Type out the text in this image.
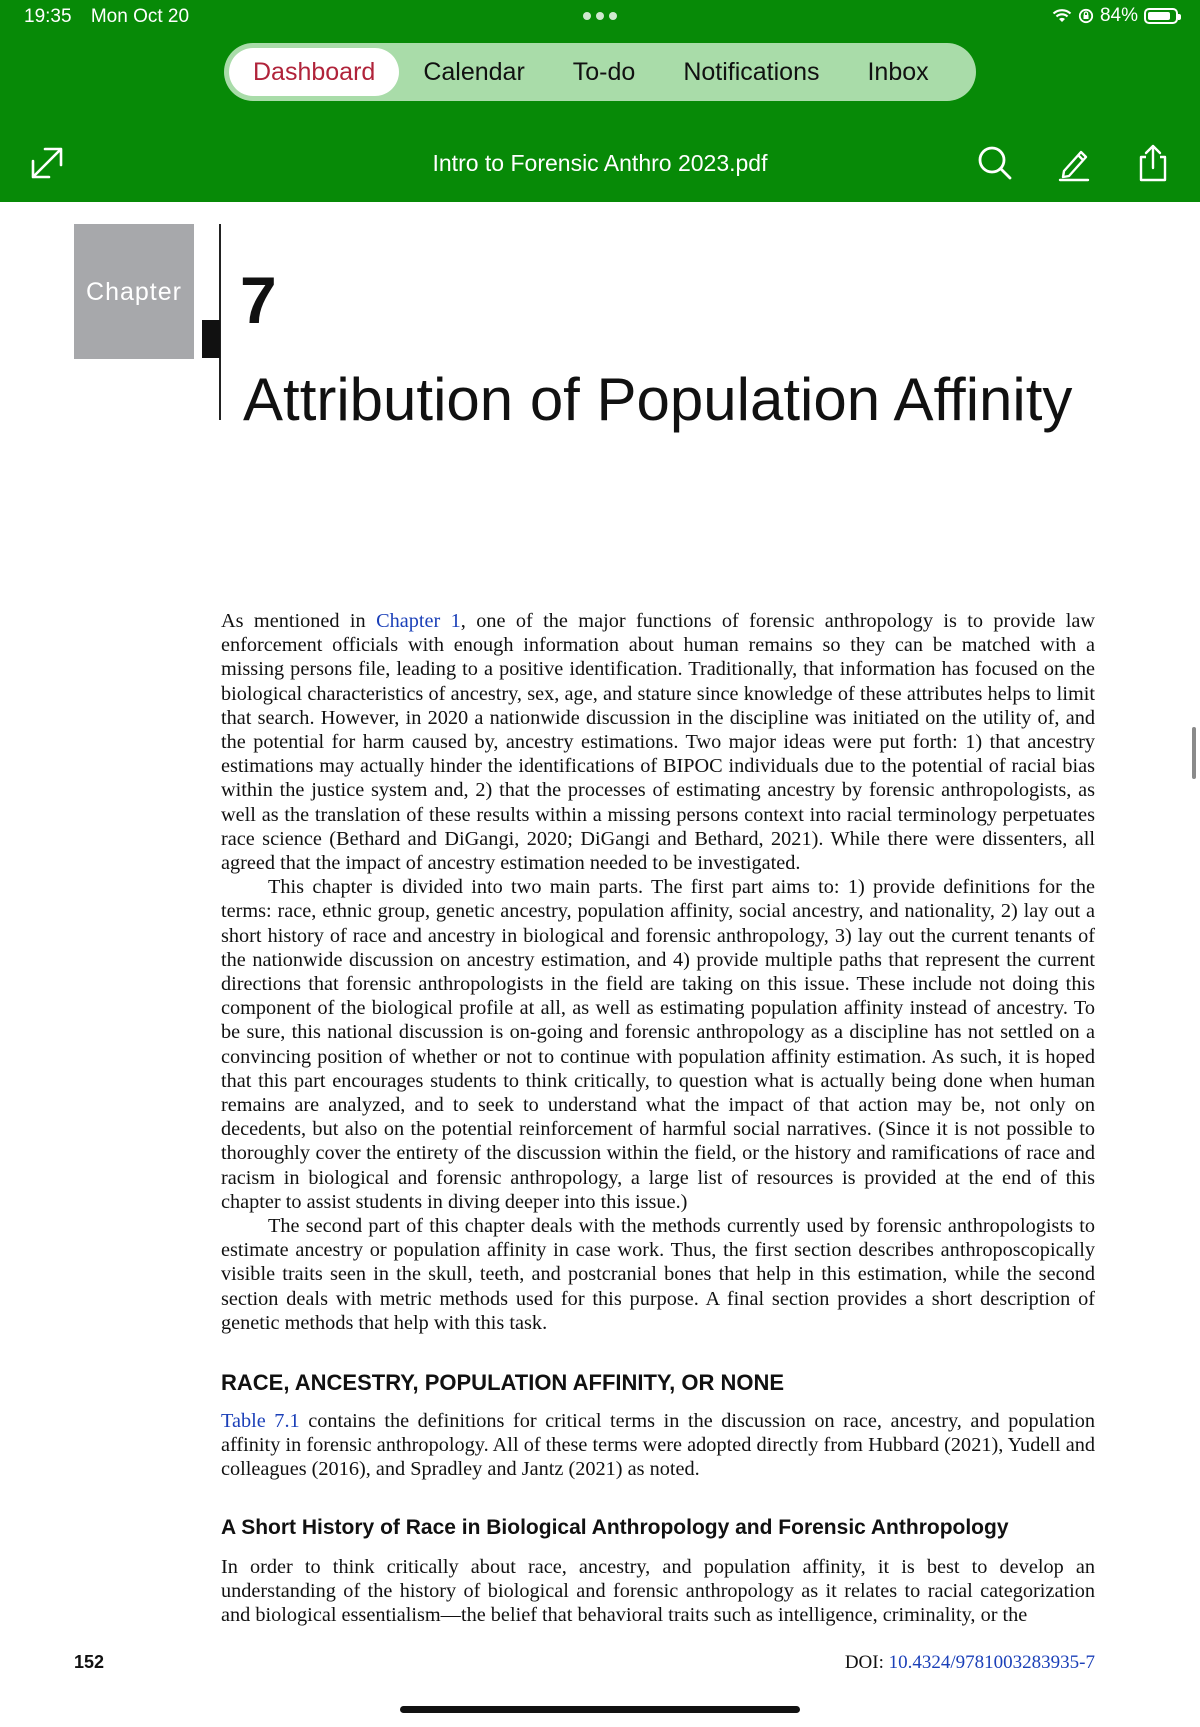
19:35 Mon Oct 20	84%
Dashboard	Calendar	To-do	Notifications	Inbox
Intro to Forensic Anthro 2023.pdf
Chapter 7
Attribution of Population Affinity

As mentioned in Chapter 1, one of the major functions of forensic anthropology is to provide law enforcement officials with enough information about human remains so they can be matched with a missing persons file, leading to a positive identification. Traditionally, that information has focused on the biological characteristics of ancestry, sex, age, and stature since knowledge of these attributes helps to limit that search. However, in 2020 a nationwide discussion in the discipline was initiated on the utility of, and the potential for harm caused by, ancestry estimations. Two major ideas were put forth: 1) that ancestry estimations may actually hinder the identifications of BIPOC individuals due to the potential of racial bias within the justice system and, 2) that the processes of estimating ancestry by forensic anthropologists, as well as the translation of these results within a missing persons context into racial terminology perpetuates race science (Bethard and DiGangi, 2020; DiGangi and Bethard, 2021). While there were dissenters, all agreed that the impact of ancestry estimation needed to be investigated.

This chapter is divided into two main parts. The first part aims to: 1) provide definitions for the terms: race, ethnic group, genetic ancestry, population affinity, social ancestry, and nationality, 2) lay out a short history of race and ancestry in biological and forensic anthropology, 3) lay out the current tenants of the nationwide discussion on ancestry estimation, and 4) provide multiple paths that represent the current directions that forensic anthropologists in the field are taking on this issue. These include not doing this component of the biological profile at all, as well as estimating population affinity instead of ancestry. To be sure, this national discussion is on-going and forensic anthropology as a discipline has not settled on a convincing position of whether or not to continue with population affinity estimation. As such, it is hoped that this part encourages students to think critically, to question what is actually being done when human remains are analyzed, and to seek to understand what the impact of that action may be, not only on decedents, but also on the potential reinforcement of harmful social narratives. (Since it is not possible to thoroughly cover the entirety of the discussion within the field, or the history and ramifications of race and racism in biological and forensic anthropology, a large list of resources is provided at the end of this chapter to assist students in diving deeper into this issue.)

The second part of this chapter deals with the methods currently used by forensic anthropologists to estimate ancestry or population affinity in case work. Thus, the first section describes anthroposcopically visible traits seen in the skull, teeth, and postcranial bones that help in this estimation, while the second section deals with metric methods used for this purpose. A final section provides a short description of genetic methods that help with this task.

RACE, ANCESTRY, POPULATION AFFINITY, OR NONE

Table 7.1 contains the definitions for critical terms in the discussion on race, ancestry, and population affinity in forensic anthropology. All of these terms were adopted directly from Hubbard (2021), Yudell and colleagues (2016), and Spradley and Jantz (2021) as noted.

A Short History of Race in Biological Anthropology and Forensic Anthropology

In order to think critically about race, ancestry, and population affinity, it is best to develop an understanding of the history of biological and forensic anthropology as it relates to racial categorization and biological essentialism—the belief that behavioral traits such as intelligence, criminality, or the

152	DOI: 10.4324/9781003283935-7
